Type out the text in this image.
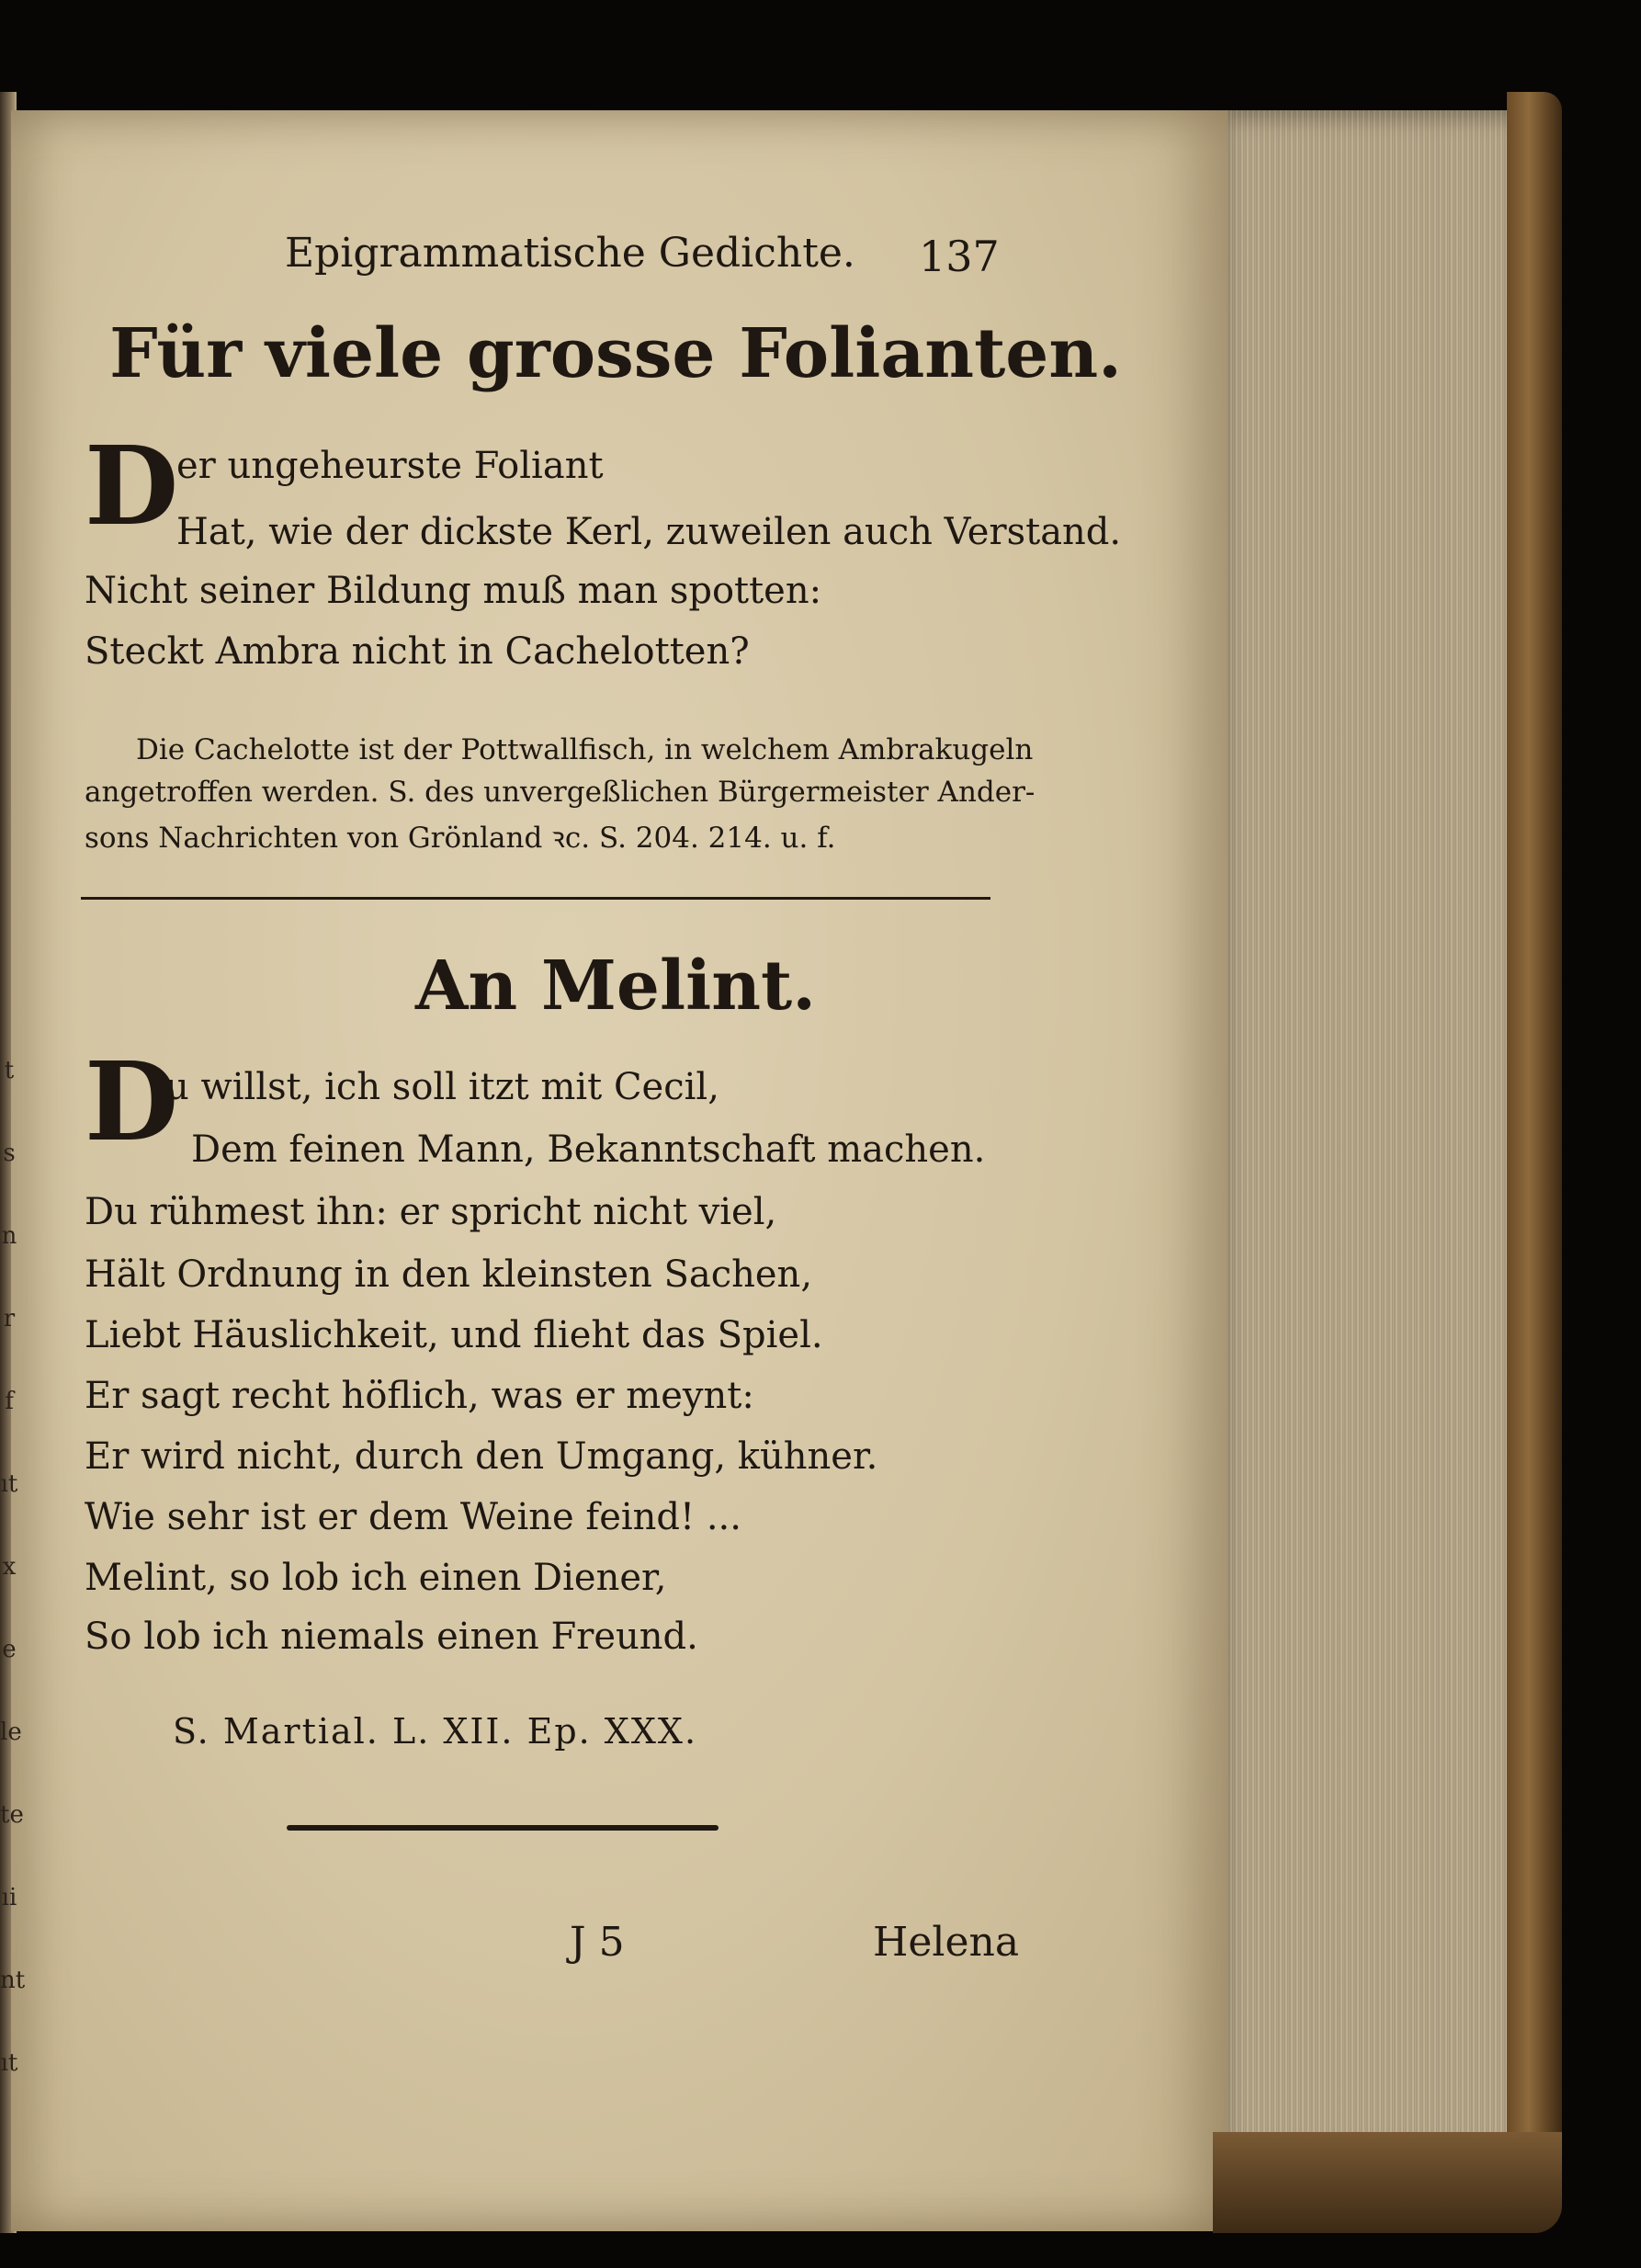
t
s
n
r
f
ıt
x
e
le
te
ıi
nt
ıt
Epigrammatische Gedichte. 137
Für viele grosse Folianten.
D
er ungeheurste Foliant
Hat, wie der dickste Kerl, zuweilen auch Verstand.
Nicht seiner Bildung muß man spotten:
Steckt Ambra nicht in Cachelotten?
Die Cachelotte ist der Pottwallfisch, in welchem Ambrakugeln
angetroffen werden. S. des unvergeßlichen Bürgermeister Ander-
sons Nachrichten von Grönland ꝛc. S. 204. 214. u. f.
An Melint.
D
u willst, ich soll itzt mit Cecil,
Dem feinen Mann, Bekanntschaft machen.
Du rühmest ihn: er spricht nicht viel,
Hält Ordnung in den kleinsten Sachen,
Liebt Häuslichkeit, und flieht das Spiel.
Er sagt recht höflich, was er meynt:
Er wird nicht, durch den Umgang, kühner.
Wie sehr ist er dem Weine feind! ...
Melint, so lob ich einen Diener,
So lob ich niemals einen Freund.
S. Martial. L. XII. Ep. XXX.
J 5	Helena
